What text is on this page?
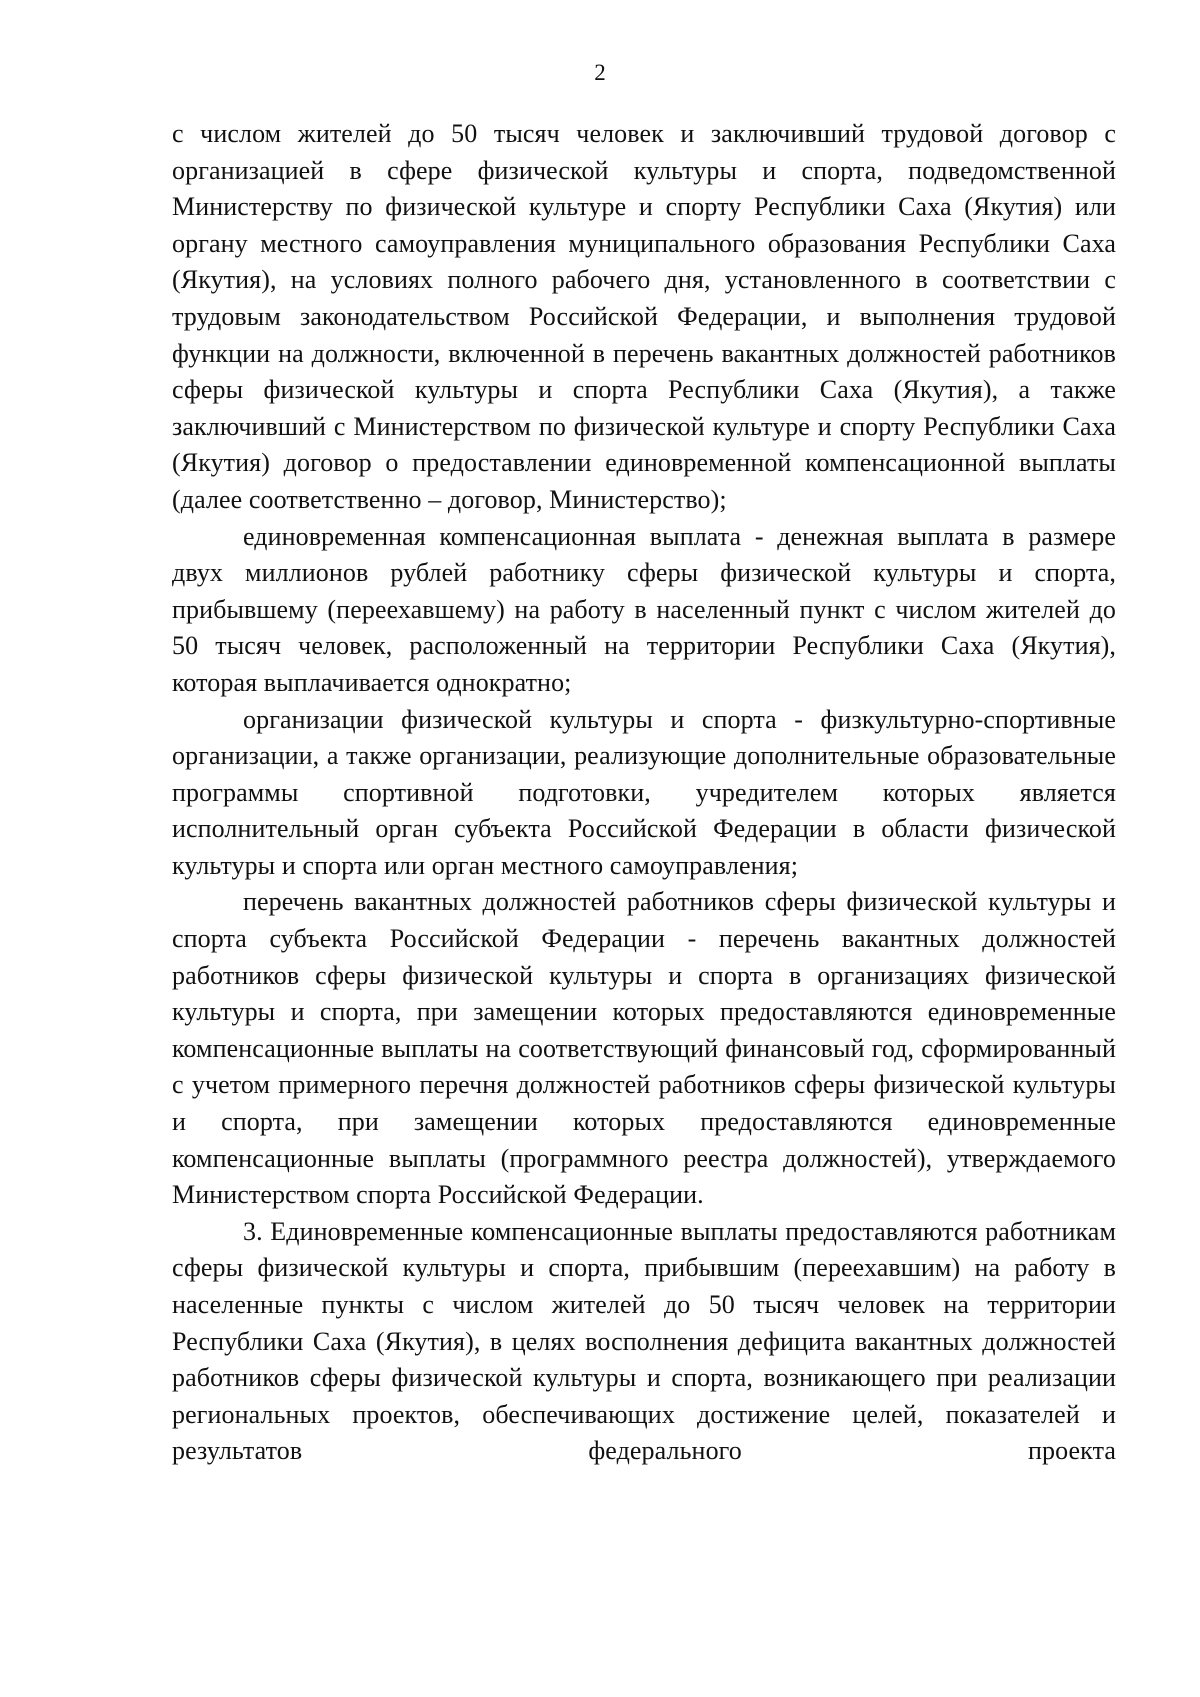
2

с числом жителей до 50 тысяч человек и заключивший трудовой договор с организацией в сфере физической культуры и спорта, подведомственной Министерству по физической культуре и спорту Республики Саха (Якутия) или органу местного самоуправления муниципального образования Республики Саха (Якутия), на условиях полного рабочего дня, установленного в соответствии с трудовым законодательством Российской Федерации, и выполнения трудовой функции на должности, включенной в перечень вакантных должностей работников сферы физической культуры и спорта Республики Саха (Якутия), а также заключивший с Министерством по физической культуре и спорту Республики Саха (Якутия) договор о предоставлении единовременной компенсационной выплаты (далее соответственно – договор, Министерство);

единовременная компенсационная выплата - денежная выплата в размере двух миллионов рублей работнику сферы физической культуры и спорта, прибывшему (переехавшему) на работу в населенный пункт с числом жителей до 50 тысяч человек, расположенный на территории Республики Саха (Якутия), которая выплачивается однократно;

организации физической культуры и спорта - физкультурно-спортивные организации, а также организации, реализующие дополнительные образовательные программы спортивной подготовки, учредителем которых является исполнительный орган субъекта Российской Федерации в области физической культуры и спорта или орган местного самоуправления;

перечень вакантных должностей работников сферы физической культуры и спорта субъекта Российской Федерации - перечень вакантных должностей работников сферы физической культуры и спорта в организациях физической культуры и спорта, при замещении которых предоставляются единовременные компенсационные выплаты на соответствующий финансовый год, сформированный с учетом примерного перечня должностей работников сферы физической культуры и спорта, при замещении которых предоставляются единовременные компенсационные выплаты (программного реестра должностей), утверждаемого Министерством спорта Российской Федерации.

3. Единовременные компенсационные выплаты предоставляются работникам сферы физической культуры и спорта, прибывшим (переехавшим) на работу в населенные пункты с числом жителей до 50 тысяч человек на территории Республики Саха (Якутия), в целях восполнения дефицита вакантных должностей работников сферы физической культуры и спорта, возникающего при реализации региональных проектов, обеспечивающих достижение целей, показателей и результатов федерального проекта
